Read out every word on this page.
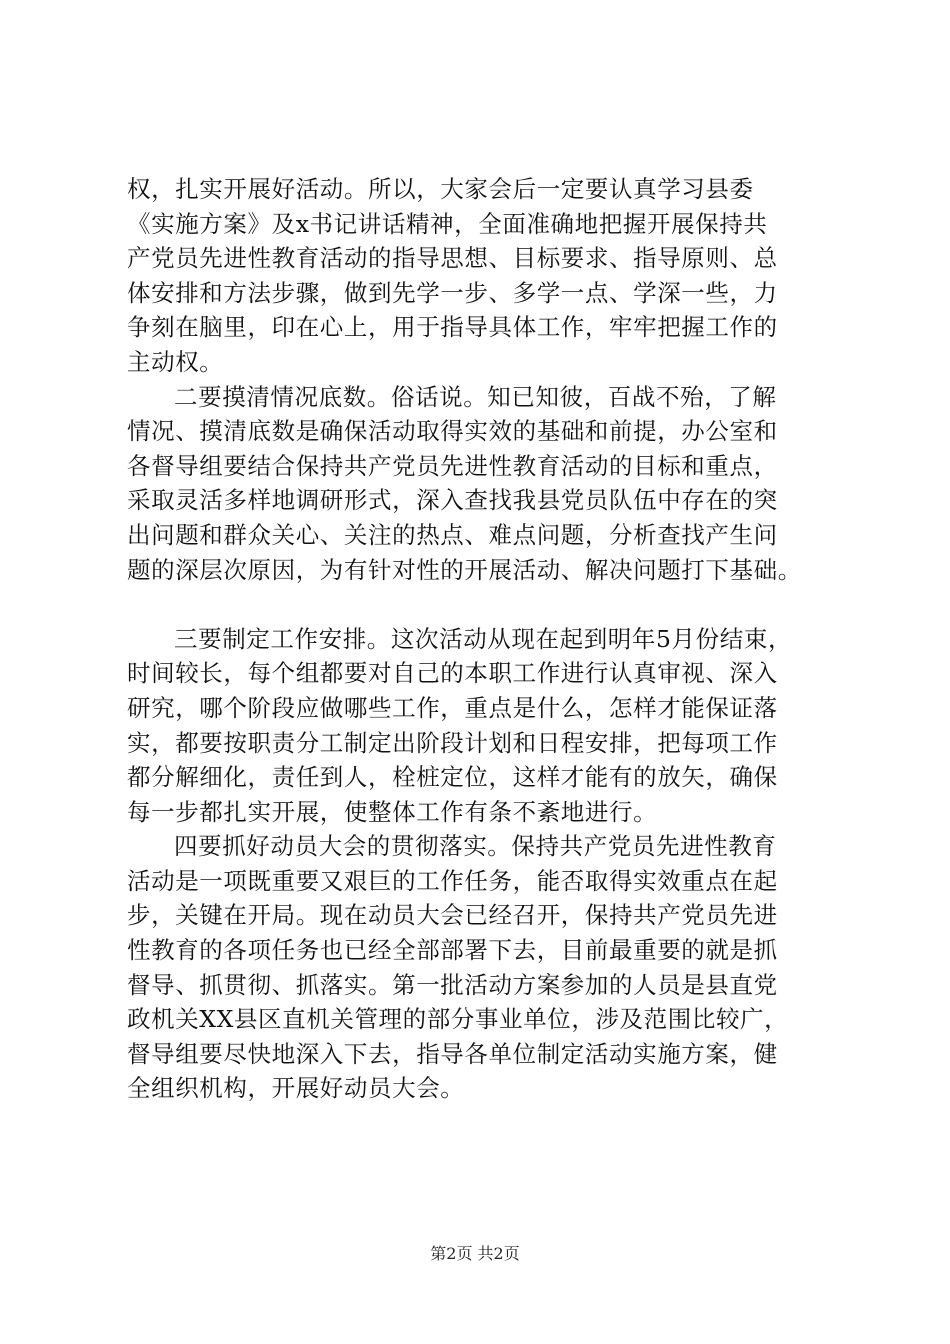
权，扎实开展好活动。所以，大家会后一定要认真学习县委
《实施方案》及x书记讲话精神，全面准确地把握开展保持共
产党员先进性教育活动的指导思想、目标要求、指导原则、总
体安排和方法步骤，做到先学一步、多学一点、学深一些，力
争刻在脑里，印在心上，用于指导具体工作，牢牢把握工作的
主动权。
二要摸清情况底数。俗话说。知已知彼，百战不殆，了解
情况、摸清底数是确保活动取得实效的基础和前提，办公室和
各督导组要结合保持共产党员先进性教育活动的目标和重点，
采取灵活多样地调研形式，深入查找我县党员队伍中存在的突
出问题和群众关心、关注的热点、难点问题，分析查找产生问
题的深层次原因，为有针对性的开展活动、解决问题打下基础。
三要制定工作安排。这次活动从现在起到明年5月份结束，
时间较长，每个组都要对自己的本职工作进行认真审视、深入
研究，哪个阶段应做哪些工作，重点是什么，怎样才能保证落
实，都要按职责分工制定出阶段计划和日程安排，把每项工作
都分解细化，责任到人，栓桩定位，这样才能有的放矢，确保
每一步都扎实开展，使整体工作有条不紊地进行。
四要抓好动员大会的贯彻落实。保持共产党员先进性教育
活动是一项既重要又艰巨的工作任务，能否取得实效重点在起
步，关键在开局。现在动员大会已经召开，保持共产党员先进
性教育的各项任务也已经全部部署下去，目前最重要的就是抓
督导、抓贯彻、抓落实。第一批活动方案参加的人员是县直党
政机关XX县区直机关管理的部分事业单位，涉及范围比较广，
督导组要尽快地深入下去，指导各单位制定活动实施方案，健
全组织机构，开展好动员大会。
第2页 共2页
